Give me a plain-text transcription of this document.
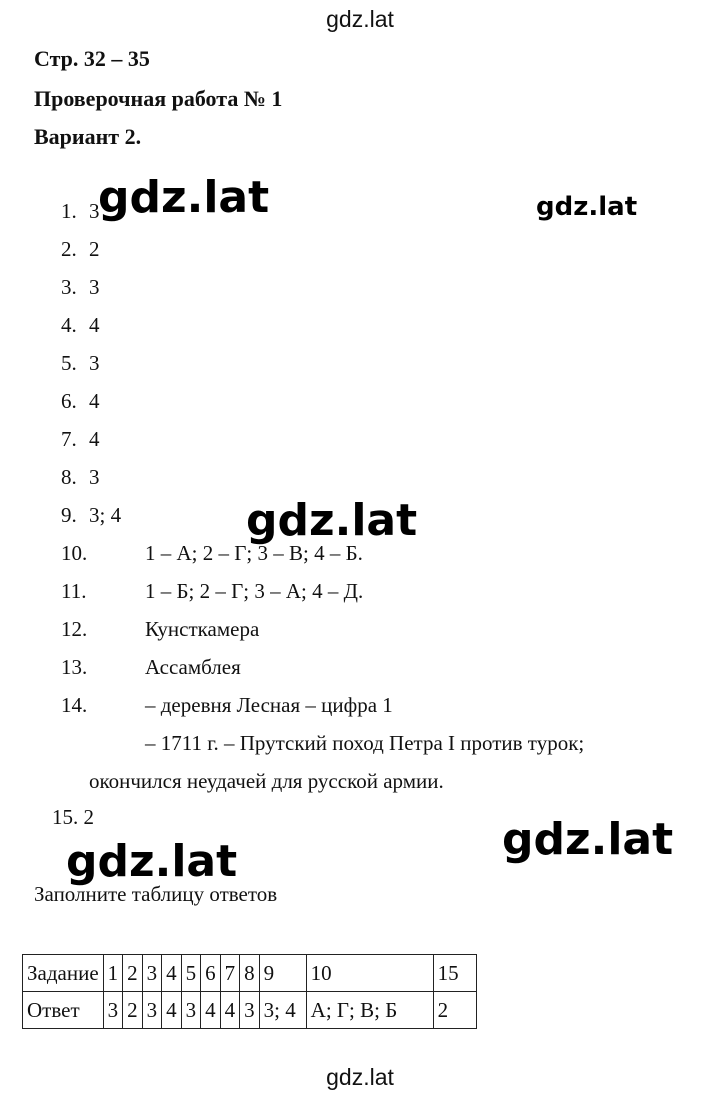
gdz.lat
Стр. 32 – 35
Проверочная работа № 1
Вариант 2.
1. 3
2. 2
3. 3
4. 4
5. 3
6. 4
7. 4
8. 3
9. 3; 4
10.	1 – А; 2 – Г; 3 – В; 4 – Б.
11.	1 – Б; 2 – Г; 3 – А; 4 – Д.
12.	Кунсткамера
13.	Ассамблея
14.	– деревня Лесная – цифра 1
– 1711 г. – Прутский поход Петра I против турок;
окончился неудачей для русской армии.
15. 2
gdz.lat	gdz.lat
gdz.lat
gdz.lat
gdz.lat
Заполните таблицу ответов
Задание	1	2	3	4	5	6	7	8	9	10	15
Ответ	3	2	3	4	3	4	4	3	3; 4	А; Г; В; Б	2
gdz.lat
